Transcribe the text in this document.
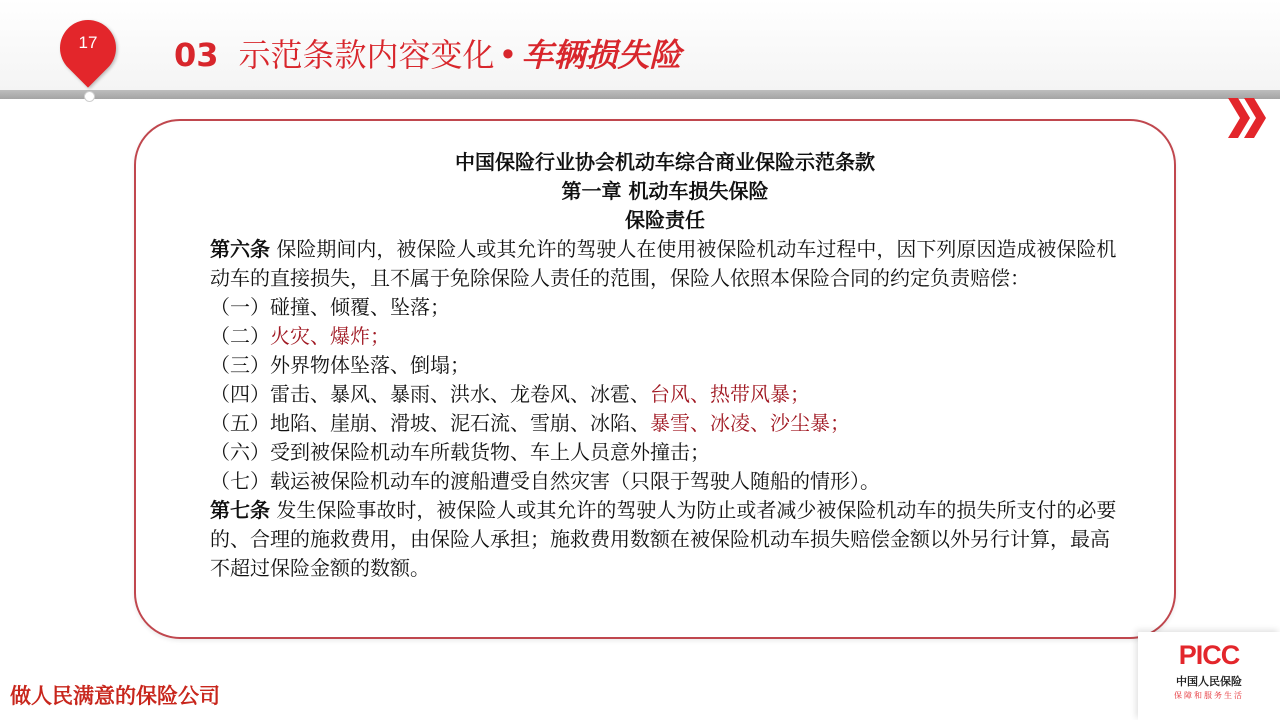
17	03 示范条款内容变化 • 车辆损失险
中国保险行业协会机动车综合商业保险示范条款
第一章 机动车损失保险
保险责任

第六条 保险期间内，被保险人或其允许的驾驶人在使用被保险机动车过程中，因下列原因造成被保险机动车的直接损失，且不属于免除保险人责任的范围，保险人依照本保险合同的约定负责赔偿：

（一）碰撞、倾覆、坠落；

（二）火灾、爆炸；

（三）外界物体坠落、倒塌；

（四）雷击、暴风、暴雨、洪水、龙卷风、冰雹、台风、热带风暴；

（五）地陷、崖崩、滑坡、泥石流、雪崩、冰陷、暴雪、冰凌、沙尘暴；

（六）受到被保险机动车所载货物、车上人员意外撞击；

（七）载运被保险机动车的渡船遭受自然灾害（只限于驾驶人随船的情形）。

第七条 发生保险事故时，被保险人或其允许的驾驶人为防止或者减少被保险机动车的损失所支付的必要的、合理的施救费用，由保险人承担；施救费用数额在被保险机动车损失赔偿金额以外另行计算，最高不超过保险金额的数额。

做人民满意的保险公司

PICC
中国人民保险
保障和服务生活
